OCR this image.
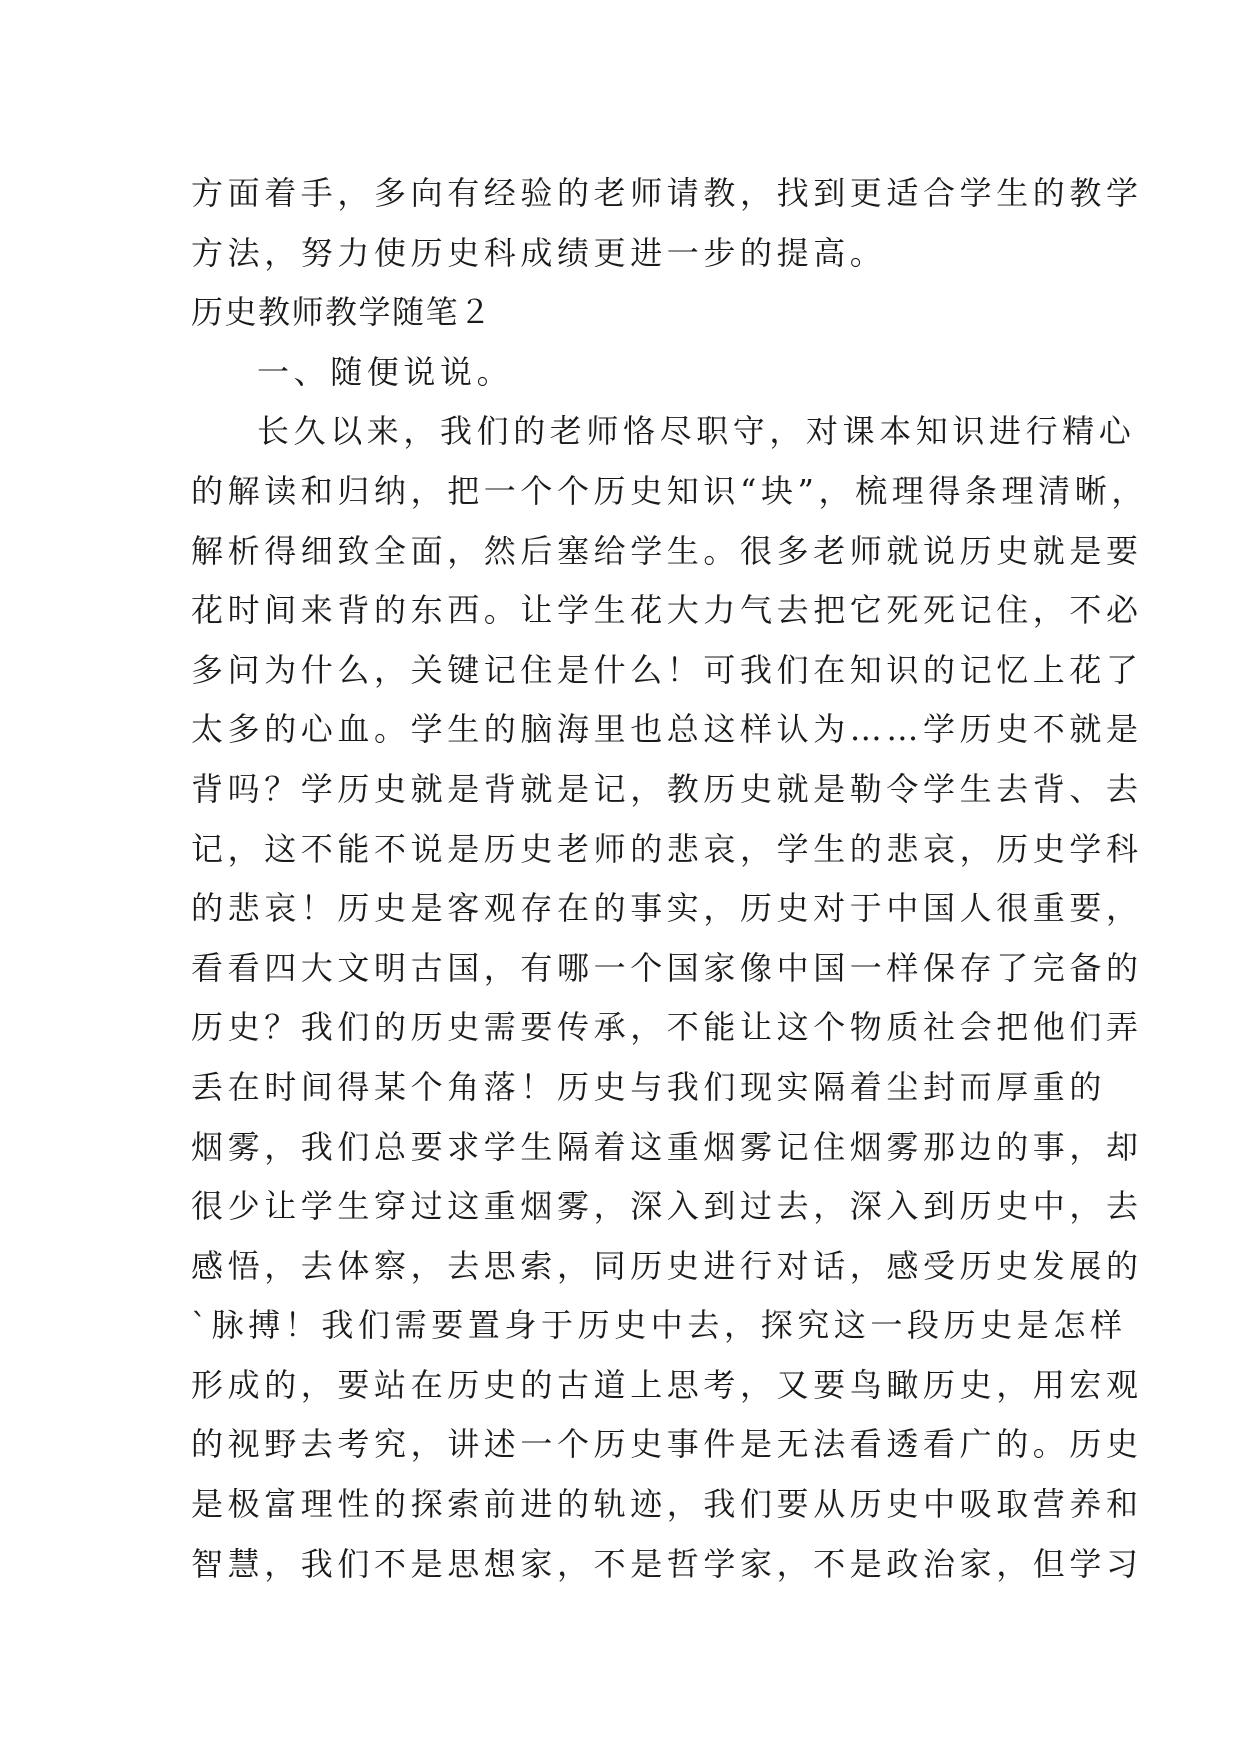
方面着手，多向有经验的老师请教，找到更适合学生的教学
方法，努力使历史科成绩更进一步的提高。
历史教师教学随笔２
一、随便说说。
长久以来，我们的老师恪尽职守，对课本知识进行精心
的解读和归纳，把一个个历史知识“块”，梳理得条理清晰，
解析得细致全面，然后塞给学生。很多老师就说历史就是要
花时间来背的东西。让学生花大力气去把它死死记住，不必
多问为什么，关键记住是什么！可我们在知识的记忆上花了
太多的心血。学生的脑海里也总这样认为……学历史不就是
背吗？学历史就是背就是记，教历史就是勒令学生去背、去
记，这不能不说是历史老师的悲哀，学生的悲哀，历史学科
的悲哀！历史是客观存在的事实，历史对于中国人很重要，
看看四大文明古国，有哪一个国家像中国一样保存了完备的
历史？我们的历史需要传承，不能让这个物质社会把他们弄
丢在时间得某个角落！历史与我们现实隔着尘封而厚重的
烟雾，我们总要求学生隔着这重烟雾记住烟雾那边的事，却
很少让学生穿过这重烟雾，深入到过去，深入到历史中，去
感悟，去体察，去思索，同历史进行对话，感受历史发展的
`脉搏！我们需要置身于历史中去，探究这一段历史是怎样
形成的，要站在历史的古道上思考，又要鸟瞰历史，用宏观
的视野去考究，讲述一个历史事件是无法看透看广的。历史
是极富理性的探索前进的轨迹，我们要从历史中吸取营养和
智慧，我们不是思想家，不是哲学家，不是政治家，但学习
